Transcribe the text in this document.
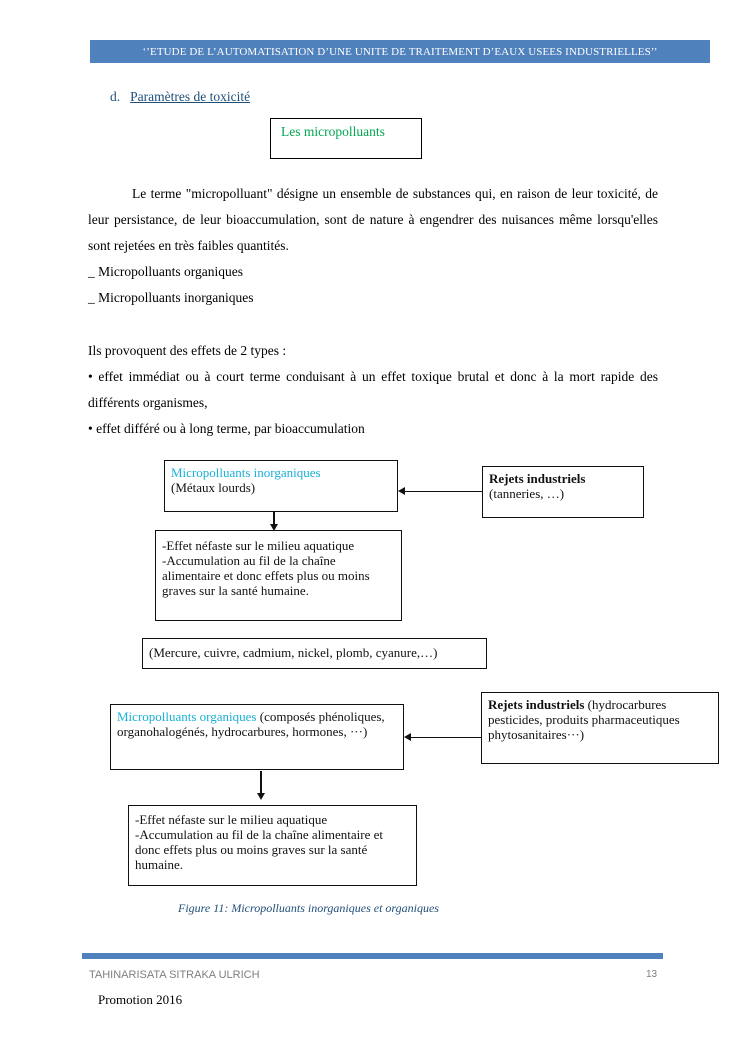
‘’ETUDE DE L’AUTOMATISATION D’UNE UNITE DE TRAITEMENT D’EAUX USEES INDUSTRIELLES’’
d. Paramètres de toxicité
Les micropolluants
Le terme "micropolluant" désigne un ensemble de substances qui, en raison de leur toxicité, de leur persistance, de leur bioaccumulation, sont de nature à engendrer des nuisances même lorsqu'elles sont rejetées en très faibles quantités.
_ Micropolluants organiques
_ Micropolluants inorganiques
Ils provoquent des effets de 2 types :
• effet immédiat ou à court terme conduisant à un effet toxique brutal et donc à la mort rapide des différents organismes,
• effet différé ou à long terme, par bioaccumulation
Micropolluants inorganiques
(Métaux lourds)
Rejets industriels
(tanneries, …)
-Effet néfaste sur le milieu aquatique
-Accumulation au fil de la chaîne alimentaire et donc effets plus ou moins graves sur la santé humaine.
(Mercure, cuivre, cadmium, nickel, plomb, cyanure,…)
Micropolluants organiques (composés phénoliques, organohalogénés, hydrocarbures, hormones, ···)
Rejets industriels (hydrocarbures pesticides, produits pharmaceutiques phytosanitaires···)
-Effet néfaste sur le milieu aquatique
-Accumulation au fil de la chaîne alimentaire et donc effets plus ou moins graves sur la santé humaine.
Figure 11: Micropolluants inorganiques et organiques
TAHINARISATA SITRAKA ULRICH	13
Promotion 2016
